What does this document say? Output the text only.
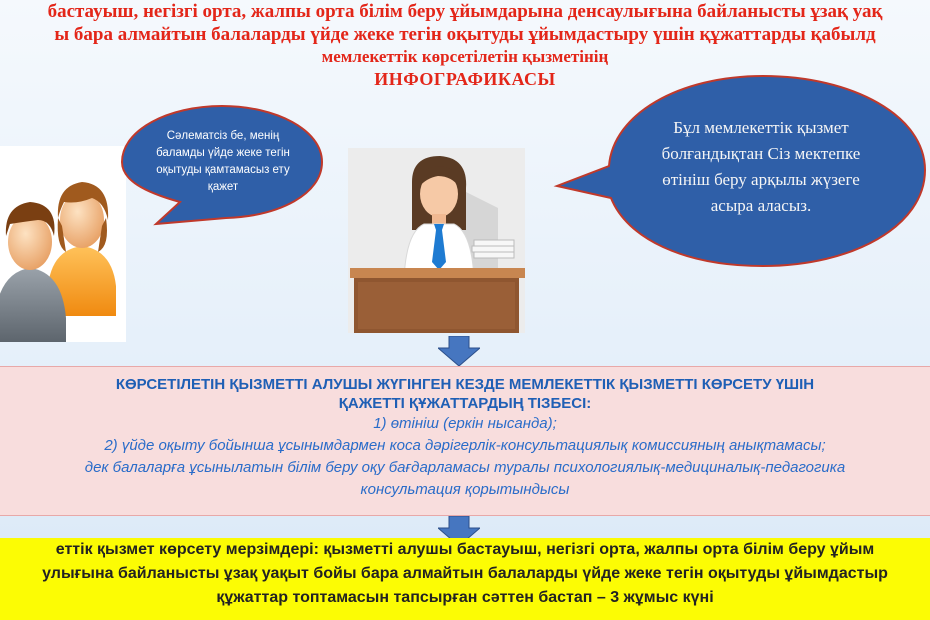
бастауыш, негізгі орта, жалпы орта білім беру ұйымдарына денсаулығына байланысты ұзақ уақ
ы бара алмайтын балаларды үйде жеке тегін оқытуды ұйымдастыру үшін құжаттарды қабылд
мемлекеттік көрсетілетін қызметінің
ИНФОГРАФИКАСЫ
Сәлематсіз бе, менің баламды үйде жеке тегін оқытуды қамтамасыз ету қажет
Бұл мемлекеттік қызмет болғандықтан Сіз мектепке өтініш беру арқылы жүзеге асыра аласыз.
КӨРСЕТІЛЕТІН ҚЫЗМЕТТІ АЛУШЫ ЖҮГІНГЕН КЕЗДЕ МЕМЛЕКЕТТІК ҚЫЗМЕТТІ КӨРСЕТУ ҮШІН
ҚАЖЕТТІ ҚҰЖАТТАРДЫҢ ТІЗБЕСІ:
1) өтініш (еркін нысанда);
2) үйде оқыту бойынша ұсынымдармен коса дәрігерлік-консультациялық комиссияның анықтамасы;
дек балаларға ұсынылатын білім беру оқу бағдарламасы туралы психологиялық-медициналық-педагогика
консультация қорытындысы
еттік қызмет көрсету мерзімдері: қызметті алушы бастауыш, негізгі орта, жалпы орта білім беру ұйым
улығына байланысты ұзақ уақыт бойы бара алмайтын балаларды үйде жеке тегін оқытуды ұйымдастыр
құжаттар топтамасын тапсырған сәттен бастап – 3 жұмыс күні
